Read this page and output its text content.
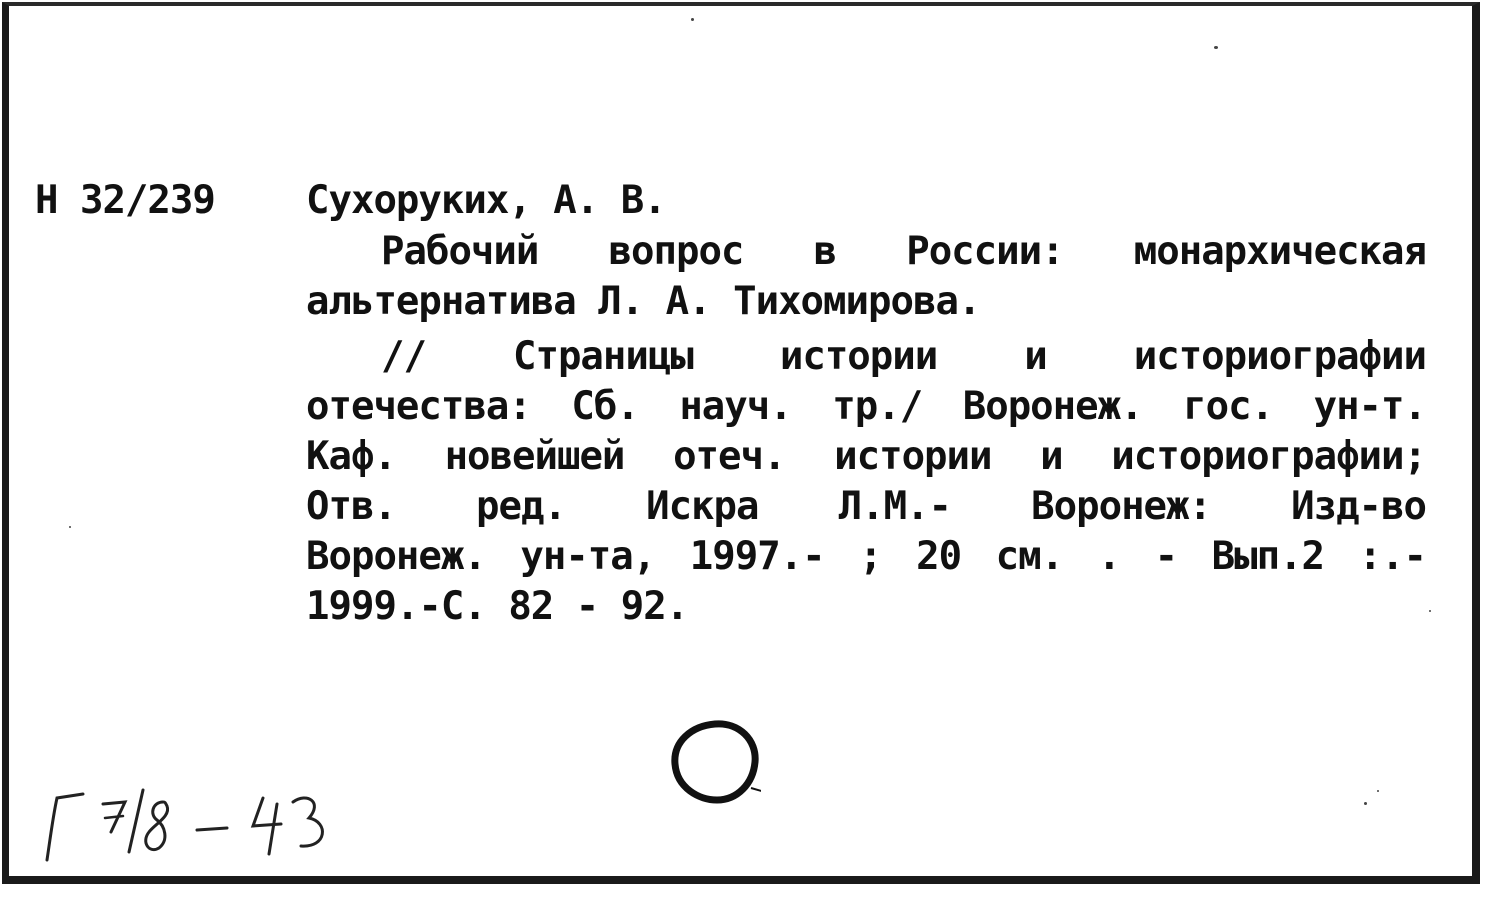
Н 32/239 Сухоруких, А. В.
Рабочий вопрос в России: монархическая
альтернатива Л. А. Тихомирова.
// Страницы истории и историографии
отечества: Сб. науч. тр./ Воронеж. гос. ун-т.
Каф. новейшей отеч. истории и историографии;
Отв. ред. Искра Л.М.- Воронеж: Изд-во
Воронеж. ун-та, 1997.- ; 20 см. . - Вып.2 :.-
1999.-С. 82 - 92.
